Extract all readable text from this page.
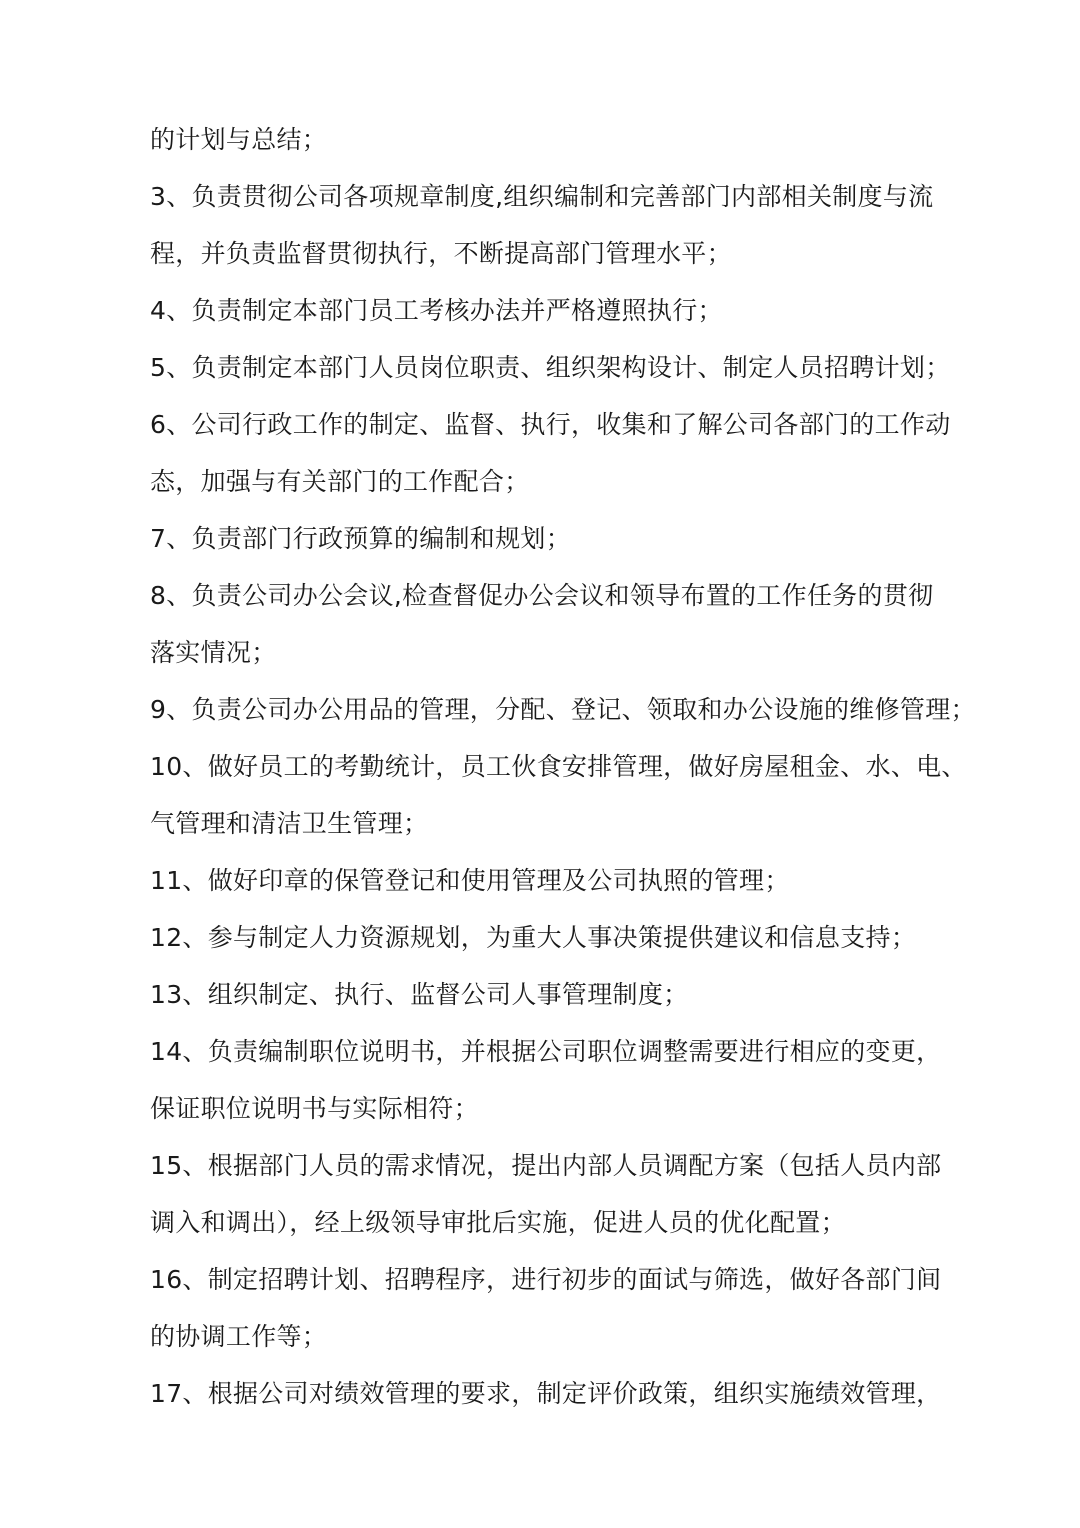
的计划与总结；
3、负责贯彻公司各项规章制度,组织编制和完善部门内部相关制度与流
程，并负责监督贯彻执行，不断提高部门管理水平；
4、负责制定本部门员工考核办法并严格遵照执行；
5、负责制定本部门人员岗位职责、组织架构设计、制定人员招聘计划；
6、公司行政工作的制定、监督、执行，收集和了解公司各部门的工作动
态，加强与有关部门的工作配合；
7、负责部门行政预算的编制和规划；
8、负责公司办公会议,检查督促办公会议和领导布置的工作任务的贯彻
落实情况；
9、负责公司办公用品的管理，分配、登记、领取和办公设施的维修管理；
10、做好员工的考勤统计，员工伙食安排管理，做好房屋租金、水、电、
气管理和清洁卫生管理；
11、做好印章的保管登记和使用管理及公司执照的管理；
12、参与制定人力资源规划，为重大人事决策提供建议和信息支持；
13、组织制定、执行、监督公司人事管理制度；
14、负责编制职位说明书，并根据公司职位调整需要进行相应的变更，
保证职位说明书与实际相符；
15、根据部门人员的需求情况，提出内部人员调配方案（包括人员内部
调入和调出），经上级领导审批后实施，促进人员的优化配置；
16、制定招聘计划、招聘程序，进行初步的面试与筛选，做好各部门间
的协调工作等；
17、根据公司对绩效管理的要求，制定评价政策，组织实施绩效管理，
